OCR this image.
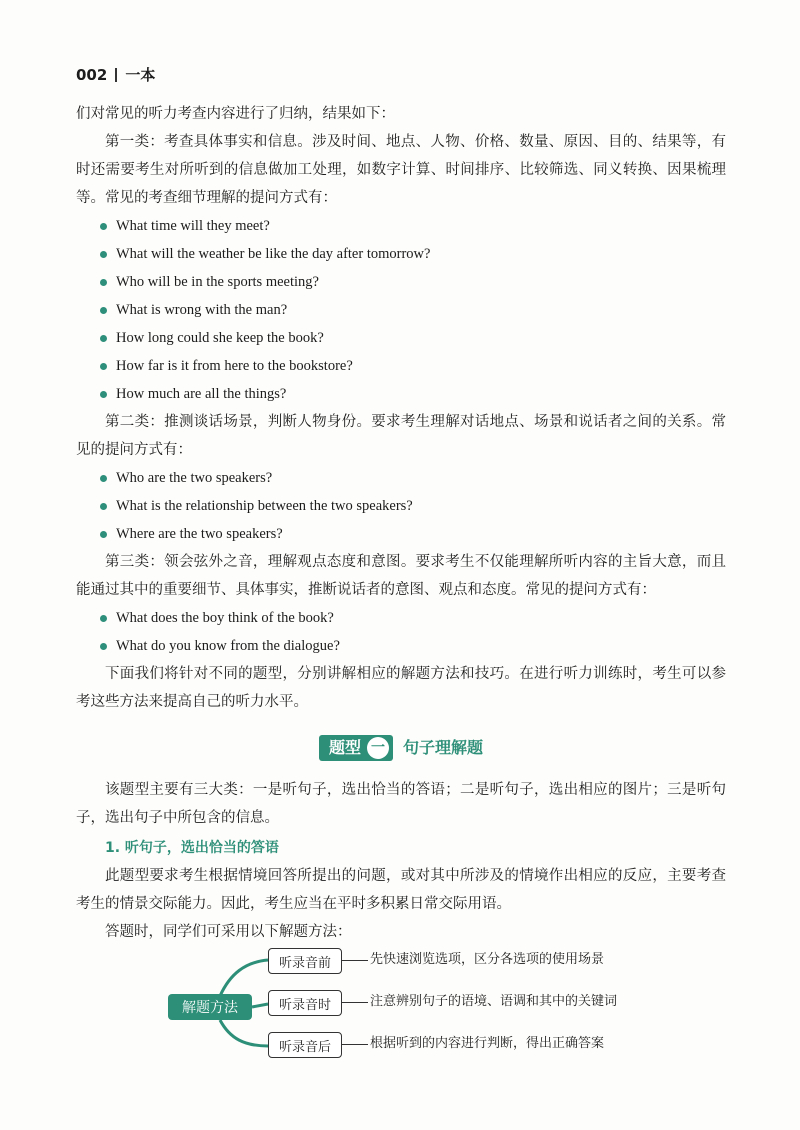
002 一本

们对常见的听力考查内容进行了归纳，结果如下：

第一类：考查具体事实和信息。涉及时间、地点、人物、价格、数量、原因、目的、结果等，有时还需要考生对所听到的信息做加工处理，如数字计算、时间排序、比较筛选、同义转换、因果梳理等。常见的考查细节理解的提问方式有：

What time will they meet?
What will the weather be like the day after tomorrow?
Who will be in the sports meeting?
What is wrong with the man?
How long could she keep the book?
How far is it from here to the bookstore?
How much are all the things?

第二类：推测谈话场景，判断人物身份。要求考生理解对话地点、场景和说话者之间的关系。常见的提问方式有：

Who are the two speakers?
What is the relationship between the two speakers?
Where are the two speakers?

第三类：领会弦外之音，理解观点态度和意图。要求考生不仅能理解所听内容的主旨大意，而且能通过其中的重要细节、具体事实，推断说话者的意图、观点和态度。常见的提问方式有：

What does the boy think of the book?
What do you know from the dialogue?

下面我们将针对不同的题型，分别讲解相应的解题方法和技巧。在进行听力训练时，考生可以参考这些方法来提高自己的听力水平。

题型 一 句子理解题

该题型主要有三大类：一是听句子，选出恰当的答语；二是听句子，选出相应的图片；三是听句子，选出句子中所包含的信息。

1. 听句子，选出恰当的答语

此题型要求考生根据情境回答所提出的问题，或对其中所涉及的情境作出相应的反应，主要考查考生的情景交际能力。因此，考生应当在平时多积累日常交际用语。

答题时，同学们可采用以下解题方法：

解题方法
听录音前	先快速浏览选项，区分各选项的使用场景
听录音时	注意辨别句子的语境、语调和其中的关键词
听录音后	根据听到的内容进行判断，得出正确答案
